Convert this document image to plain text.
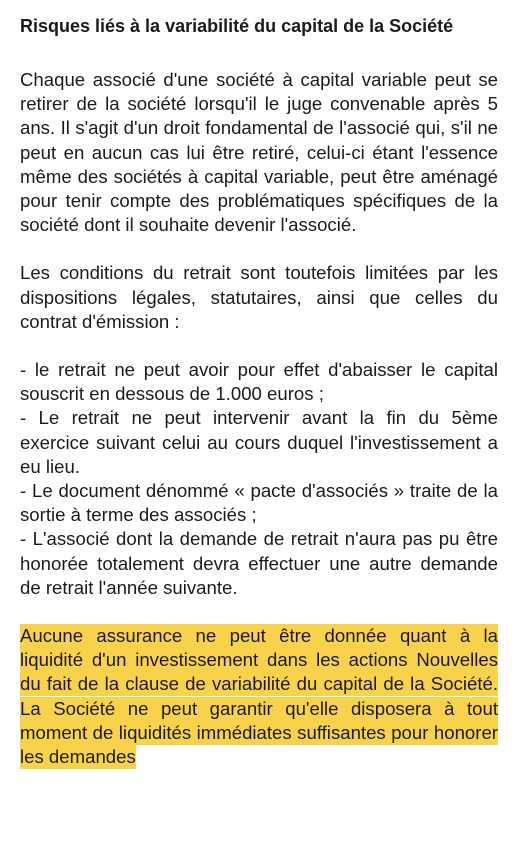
Risques liés à la variabilité du capital de la Société

Chaque associé d'une société à capital variable peut se retirer de la société lorsqu'il le juge convenable après 5 ans. Il s'agit d'un droit fondamental de l'associé qui, s'il ne peut en aucun cas lui être retiré, celui-ci étant l'essence même des sociétés à capital variable, peut être aménagé pour tenir compte des problématiques spécifiques de la société dont il souhaite devenir l'associé.

Les conditions du retrait sont toutefois limitées par les dispositions légales, statutaires, ainsi que celles du contrat d'émission :

- le retrait ne peut avoir pour effet d'abaisser le capital souscrit en dessous de 1.000 euros ;

- Le retrait ne peut intervenir avant la fin du 5ème exercice suivant celui au cours duquel l'investissement a eu lieu.

- Le document dénommé « pacte d'associés » traite de la sortie à terme des associés ;

- L'associé dont la demande de retrait n'aura pas pu être honorée totalement devra effectuer une autre demande de retrait l'année suivante.

Aucune assurance ne peut être donnée quant à la liquidité d'un investissement dans les actions Nouvelles du fait de la clause de variabilité du capital de la Société. La Société ne peut garantir qu'elle disposera à tout moment de liquidités immédiates suffisantes pour honorer les demandes
